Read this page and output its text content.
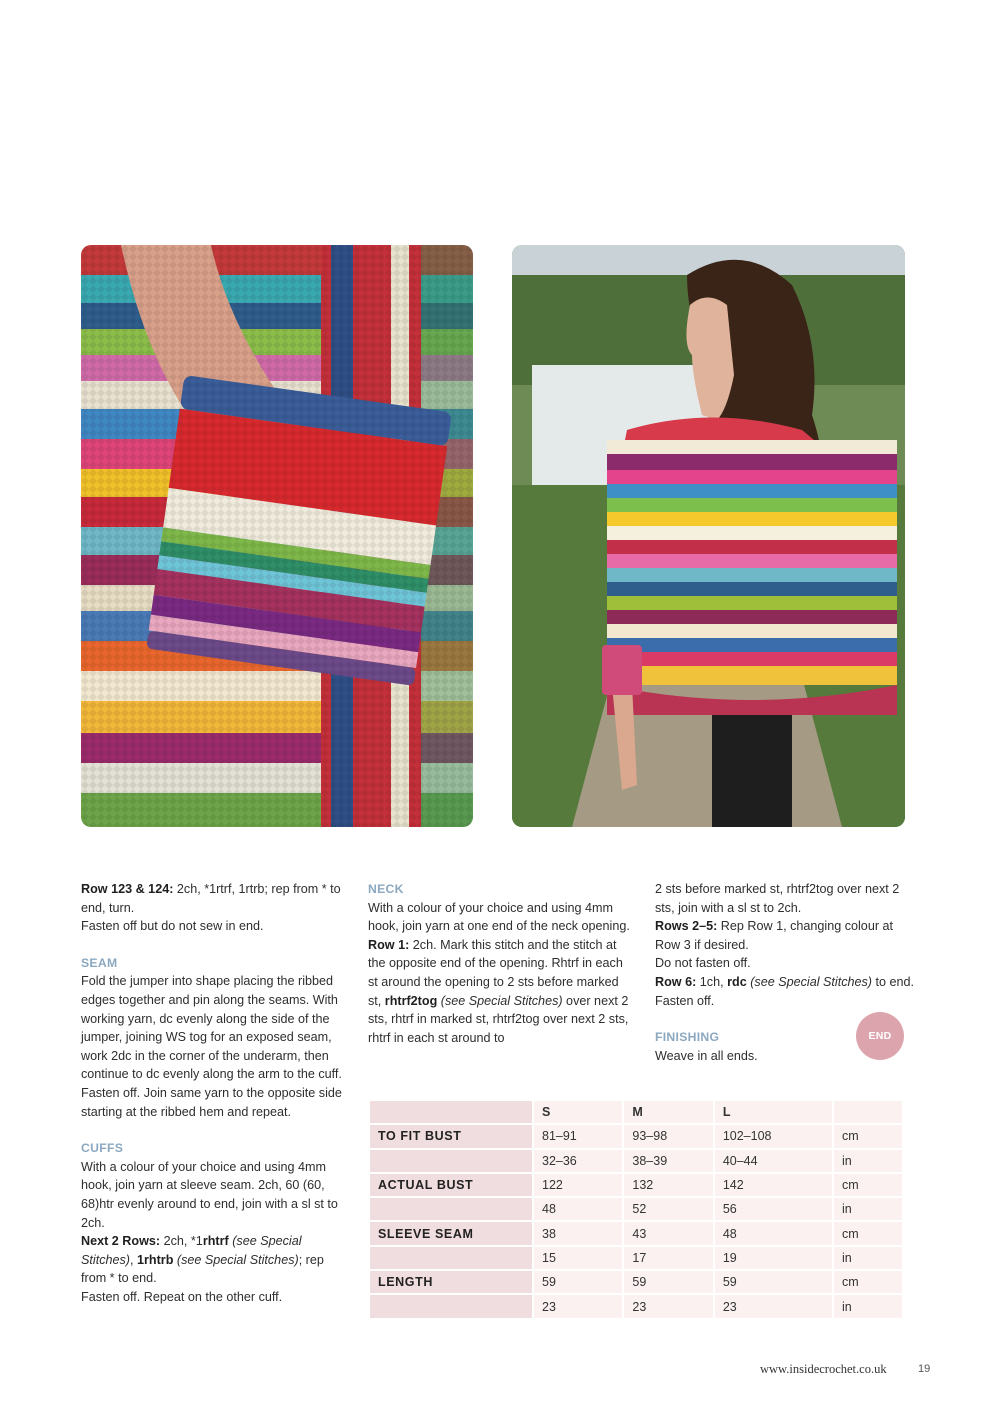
Row 123 & 124: 2ch, *1rtrf, 1rtrb; rep from * to end, turn.

Fasten off but do not sew in end.

SEAM

Fold the jumper into shape placing the ribbed edges together and pin along the seams. With working yarn, dc evenly along the side of the jumper, joining WS tog for an exposed seam, work 2dc in the corner of the underarm, then continue to dc evenly along the arm to the cuff. Fasten off. Join same yarn to the opposite side starting at the ribbed hem and repeat.

CUFFS

With a colour of your choice and using 4mm hook, join yarn at sleeve seam. 2ch, 60 (60, 68)htr evenly around to end, join with a sl st to 2ch.

Next 2 Rows: 2ch, *1rhtrf (see Special Stitches), 1rhtrb (see Special Stitches); rep from * to end.

Fasten off. Repeat on the other cuff.

NECK

With a colour of your choice and using 4mm hook, join yarn at one end of the neck opening.

Row 1: 2ch. Mark this stitch and the stitch at the opposite end of the opening. Rhtrf in each st around the opening to 2 sts before marked st, rhtrf2tog (see Special Stitches) over next 2 sts, rhtrf in marked st, rhtrf2tog over next 2 sts, rhtrf in each st around to

2 sts before marked st, rhtrf2tog over next 2 sts, join with a sl st to 2ch.

Rows 2–5: Rep Row 1, changing colour at Row 3 if desired.

Do not fasten off.

Row 6: 1ch, rdc (see Special Stitches) to end. Fasten off.

FINISHING

Weave in all ends.

END
	S	M	L	
TO FIT BUST	81–91	93–98	102–108	cm
	32–36	38–39	40–44	in
ACTUAL BUST	122	132	142	cm
	48	52	56	in
SLEEVE SEAM	38	43	48	cm
	15	17	19	in
LENGTH	59	59	59	cm
	23	23	23	in
www.insidecrochet.co.uk	19
